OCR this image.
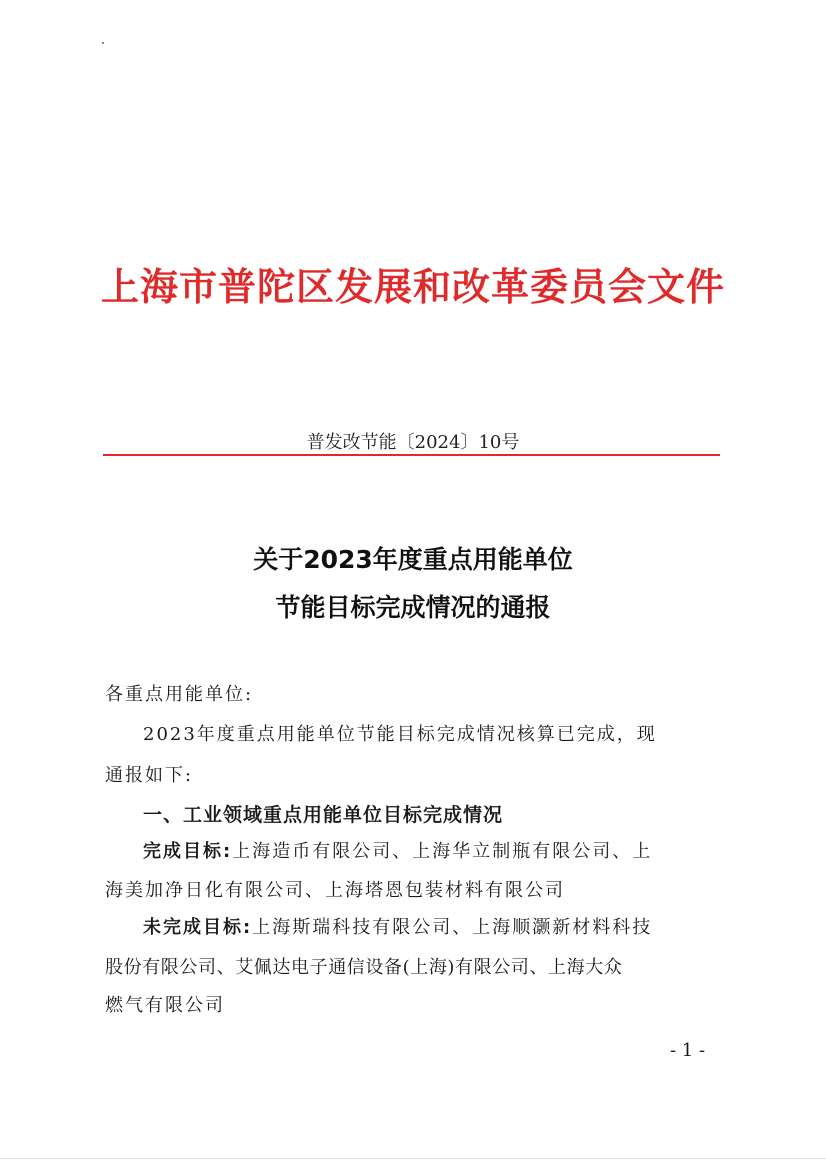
上海市普陀区发展和改革委员会文件
普发改节能〔2024〕10号
关于2023年度重点用能单位
节能目标完成情况的通报
各重点用能单位:
2023年度重点用能单位节能目标完成情况核算已完成，现
通报如下:
一、工业领域重点用能单位目标完成情况
完成目标:上海造币有限公司、上海华立制瓶有限公司、上
海美加净日化有限公司、上海塔恩包装材料有限公司
未完成目标:上海斯瑞科技有限公司、上海顺灏新材料科技
股份有限公司、艾佩达电子通信设备(上海)有限公司、上海大众
燃气有限公司
- 1 -
